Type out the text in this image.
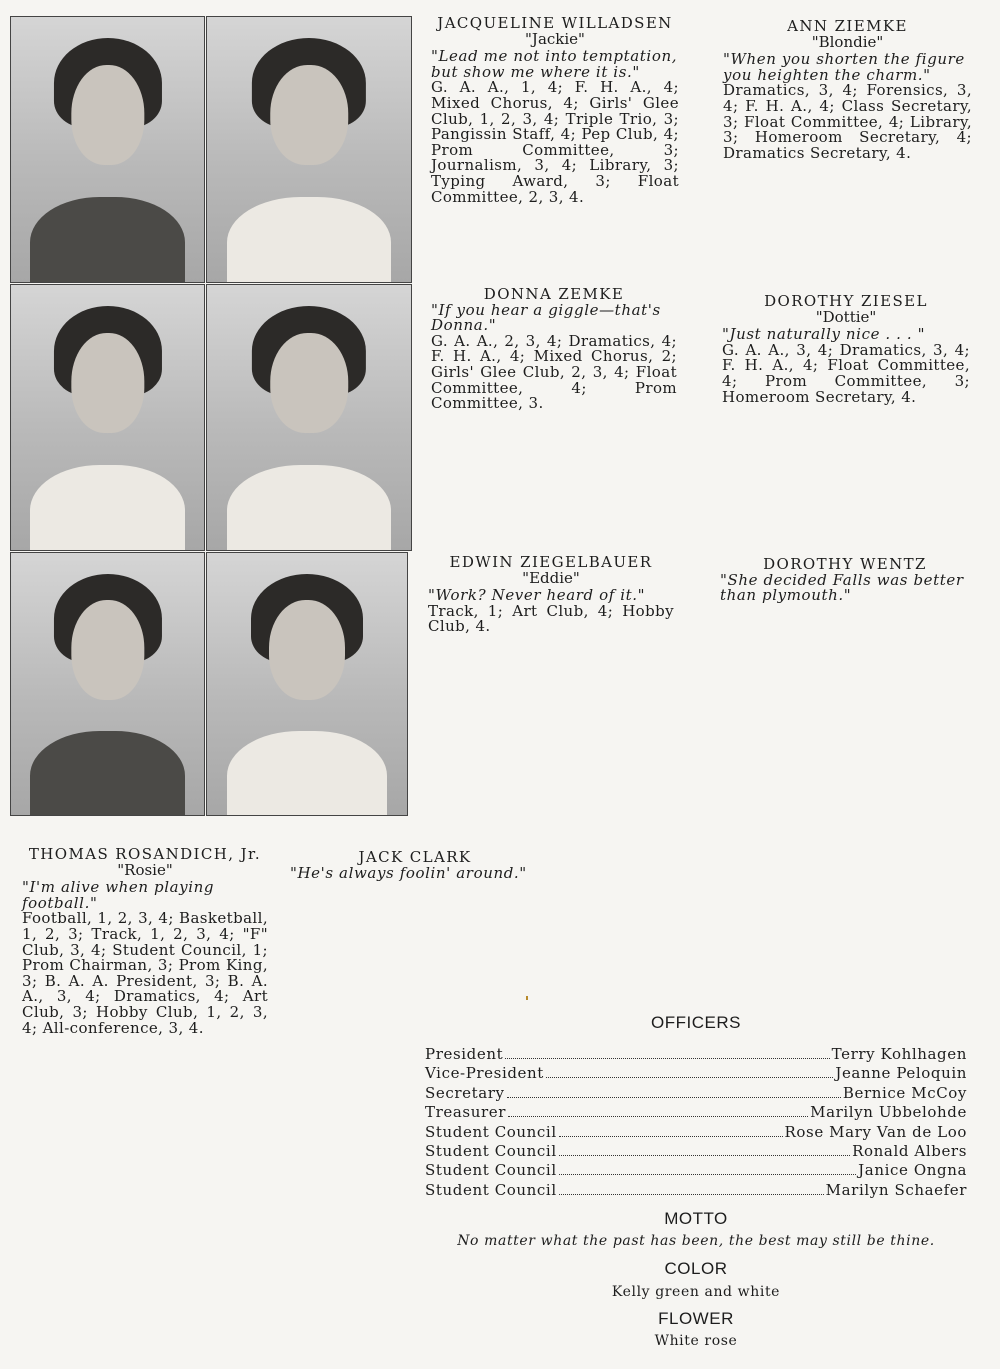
JACQUELINE WILLADSEN
"Jackie"
"Lead me not into temptation, but show me where it is."
G. A. A., 1, 4; F. H. A., 4; Mixed Chorus, 4; Girls' Glee Club, 1, 2, 3, 4; Triple Trio, 3; Pangissin Staff, 4; Pep Club, 4; Prom Committee, 3; Journalism, 3, 4; Library, 3; Typing Award, 3; Float Committee, 2, 3, 4.
ANN ZIEMKE
"Blondie"
"When you shorten the figure you heighten the charm."
Dramatics, 3, 4; Forensics, 3, 4; F. H. A., 4; Class Secretary, 3; Float Committee, 4; Library, 3; Homeroom Secretary, 4; Dramatics Secretary, 4.
DONNA ZEMKE
"If you hear a giggle—that's Donna."
G. A. A., 2, 3, 4; Dramatics, 4; F. H. A., 4; Mixed Chorus, 2; Girls' Glee Club, 2, 3, 4; Float Committee, 4; Prom Committee, 3.
DOROTHY ZIESEL
"Dottie"
"Just naturally nice . . . "
G. A. A., 3, 4; Dramatics, 3, 4; F. H. A., 4; Float Committee, 4; Prom Committee, 3; Homeroom Secretary, 4.
EDWIN ZIEGELBAUER
"Eddie"
"Work? Never heard of it."
Track, 1; Art Club, 4; Hobby Club, 4.
DOROTHY WENTZ
"She decided Falls was better than plymouth."
THOMAS ROSANDICH, Jr.
"Rosie"
"I'm alive when playing football."
Football, 1, 2, 3, 4; Basketball, 1, 2, 3; Track, 1, 2, 3, 4; "F" Club, 3, 4; Student Council, 1; Prom Chairman, 3; Prom King, 3; B. A. A. President, 3; B. A. A., 3, 4; Dramatics, 4; Art Club, 3; Hobby Club, 1, 2, 3, 4; All-conference, 3, 4.
JACK CLARK
"He's always foolin' around."
OFFICERS
President	Terry Kohlhagen
Vice-President	Jeanne Peloquin
Secretary	Bernice McCoy
Treasurer	Marilyn Ubbelohde
Student Council	Rose Mary Van de Loo
Student Council	Ronald Albers
Student Council	Janice Ongna
Student Council	Marilyn Schaefer
MOTTO
No matter what the past has been, the best may still be thine.
COLOR
Kelly green and white
FLOWER
White rose
